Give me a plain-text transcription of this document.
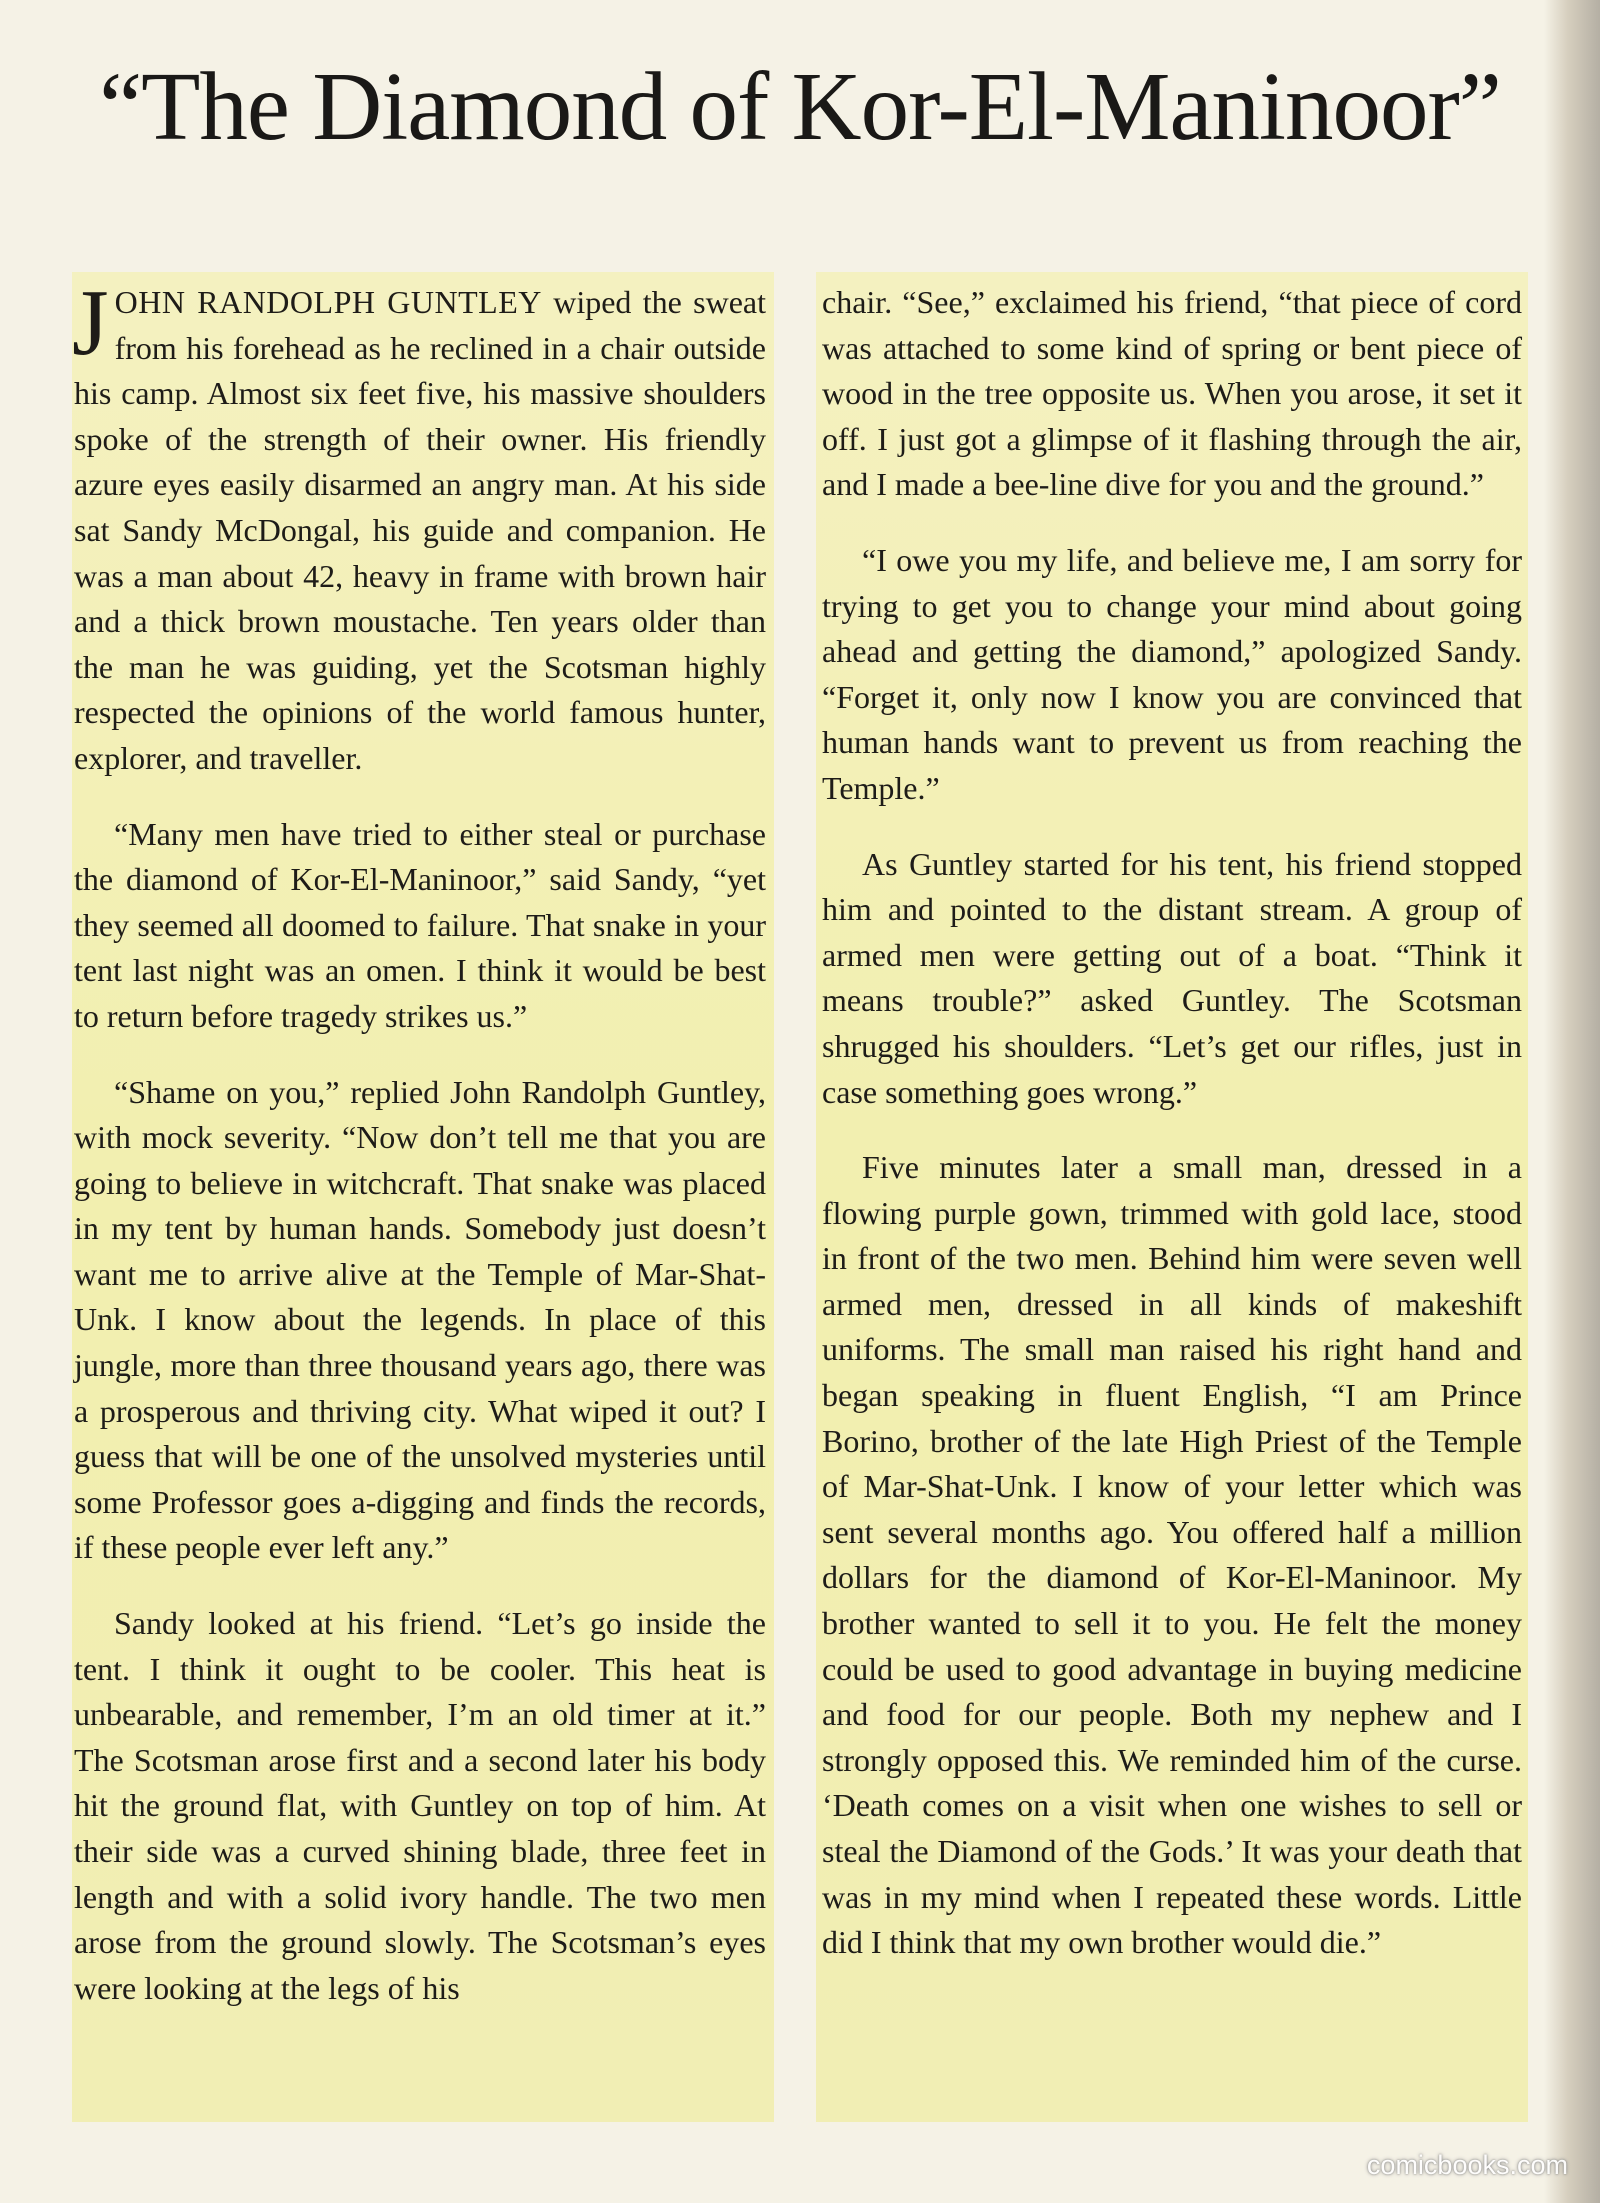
“The Diamond of Kor-El-Maninoor”

JOHN RANDOLPH GUNTLEY wiped the sweat from his forehead as he reclined in a chair outside his camp. Almost six feet five, his massive shoulders spoke of the strength of their owner. His friendly azure eyes easily disarmed an angry man. At his side sat Sandy McDongal, his guide and companion. He was a man about 42, heavy in frame with brown hair and a thick brown moustache. Ten years older than the man he was guiding, yet the Scotsman highly respected the opinions of the world famous hunter, explorer, and traveller.

“Many men have tried to either steal or purchase the diamond of Kor-El-Maninoor,” said Sandy, “yet they seemed all doomed to failure. That snake in your tent last night was an omen. I think it would be best to return before tragedy strikes us.”

“Shame on you,” replied John Randolph Guntley, with mock severity. “Now don’t tell me that you are going to believe in witchcraft. That snake was placed in my tent by human hands. Somebody just doesn’t want me to arrive alive at the Temple of Mar-Shat-Unk. I know about the legends. In place of this jungle, more than three thousand years ago, there was a prosperous and thriving city. What wiped it out? I guess that will be one of the unsolved mysteries until some Professor goes a-digging and finds the records, if these people ever left any.”

Sandy looked at his friend. “Let’s go inside the tent. I think it ought to be cooler. This heat is unbearable, and remember, I’m an old timer at it.” The Scotsman arose first and a second later his body hit the ground flat, with Guntley on top of him. At their side was a curved shining blade, three feet in length and with a solid ivory handle. The two men arose from the ground slowly. The Scotsman’s eyes were looking at the legs of his

chair. “See,” exclaimed his friend, “that piece of cord was attached to some kind of spring or bent piece of wood in the tree opposite us. When you arose, it set it off. I just got a glimpse of it flashing through the air, and I made a bee-line dive for you and the ground.”

“I owe you my life, and believe me, I am sorry for trying to get you to change your mind about going ahead and getting the diamond,” apologized Sandy. “Forget it, only now I know you are convinced that human hands want to prevent us from reaching the Temple.”

As Guntley started for his tent, his friend stopped him and pointed to the distant stream. A group of armed men were getting out of a boat. “Think it means trouble?” asked Guntley. The Scotsman shrugged his shoulders. “Let’s get our rifles, just in case something goes wrong.”

Five minutes later a small man, dressed in a flowing purple gown, trimmed with gold lace, stood in front of the two men. Behind him were seven well armed men, dressed in all kinds of makeshift uniforms. The small man raised his right hand and began speaking in fluent English, “I am Prince Borino, brother of the late High Priest of the Temple of Mar-Shat-Unk. I know of your letter which was sent several months ago. You offered half a million dollars for the diamond of Kor-El-Maninoor. My brother wanted to sell it to you. He felt the money could be used to good advantage in buying medicine and food for our people. Both my nephew and I strongly opposed this. We reminded him of the curse. ‘Death comes on a visit when one wishes to sell or steal the Diamond of the Gods.’ It was your death that was in my mind when I repeated these words. Little did I think that my own brother would die.”

comicbooks.com
